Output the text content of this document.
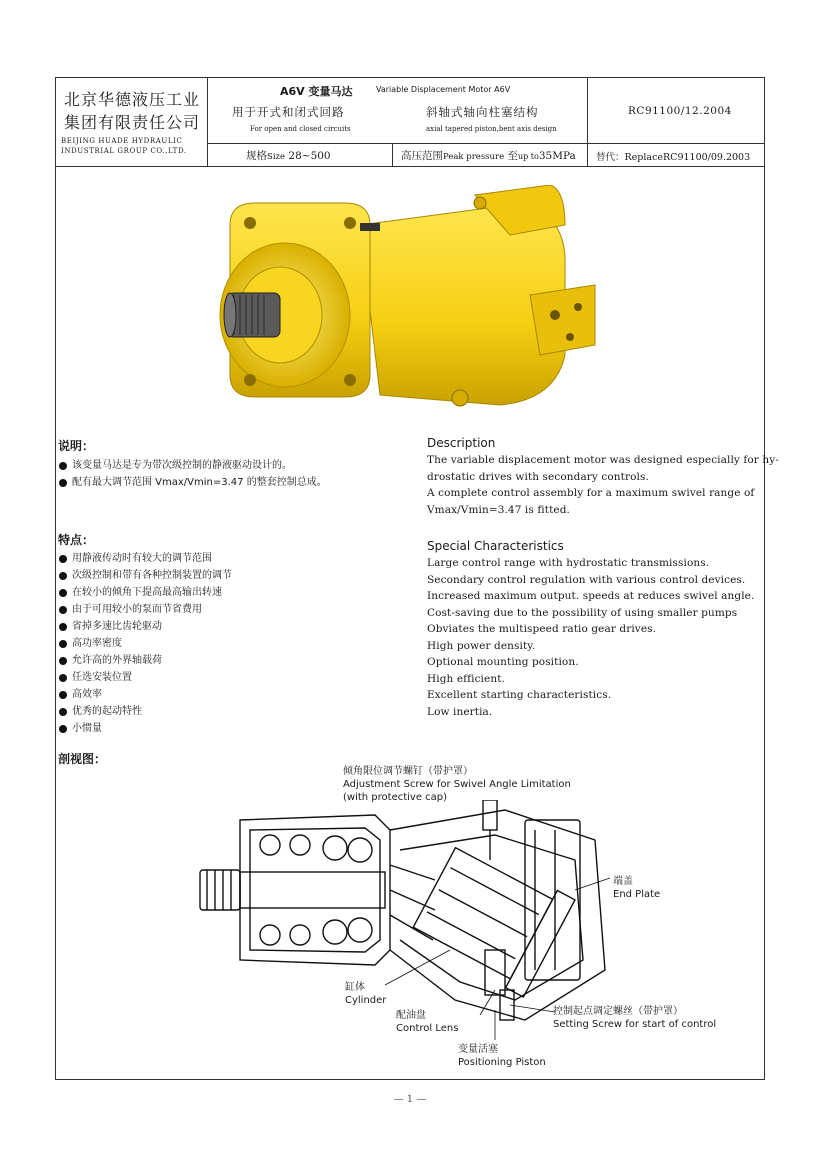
北京华德液压工业
集团有限责任公司
BEIJING HUADE HYDRAULIC
INDUSTRIAL GROUP CO.,LTD.
A6V 变量马达	Variable Displacement Motor A6V
用于开式和闭式回路
For open and closed circuits
斜轴式轴向柱塞结构
axial tapered piston,bent axis design
RC91100/12.2004
规格Size 28~500	高压范围Peak pressure 至up to35MPa 替代：ReplaceRC91100/09.2003
说明：
该变量马达是专为带次级控制的静液驱动设计的。
配有最大调节范围 Vmax/Vmin=3.47 的整套控制总成。
Description
The variable displacement motor was designed especially for hy-
drostatic drives with secondary controls.
A complete control assembly for a maximum swivel range of
Vmax/Vmin=3.47 is fitted.
特点：
用静液传动时有较大的调节范围
次级控制和带有各种控制装置的调节
在较小的倾角下提高最高输出转速
由于可用较小的泵而节省费用
省掉多速比齿轮驱动
高功率密度
允许高的外界轴载荷
任选安装位置
高效率
优秀的起动特性
小惯量
Special Characteristics
Large control range with hydrostatic transmissions.
Secondary control regulation with various control devices.
Increased maximum output. speeds at reduces swivel angle.
Cost-saving due to the possibility of using smaller pumps
Obviates the multispeed ratio gear drives.
High power density.
Optional mounting position.
High efficient.
Excellent starting characteristics.
Low inertia.
剖视图：
倾角限位调节螺钉（带护罩）
Adjustment Screw for Swivel Angle Limitation
(with protective cap)
端盖
End Plate
缸体
Cylinder
配油盘
Control Lens
控制起点调定螺丝（带护罩）
Setting Screw for start of control
变量活塞
Positioning Piston
— 1 —
